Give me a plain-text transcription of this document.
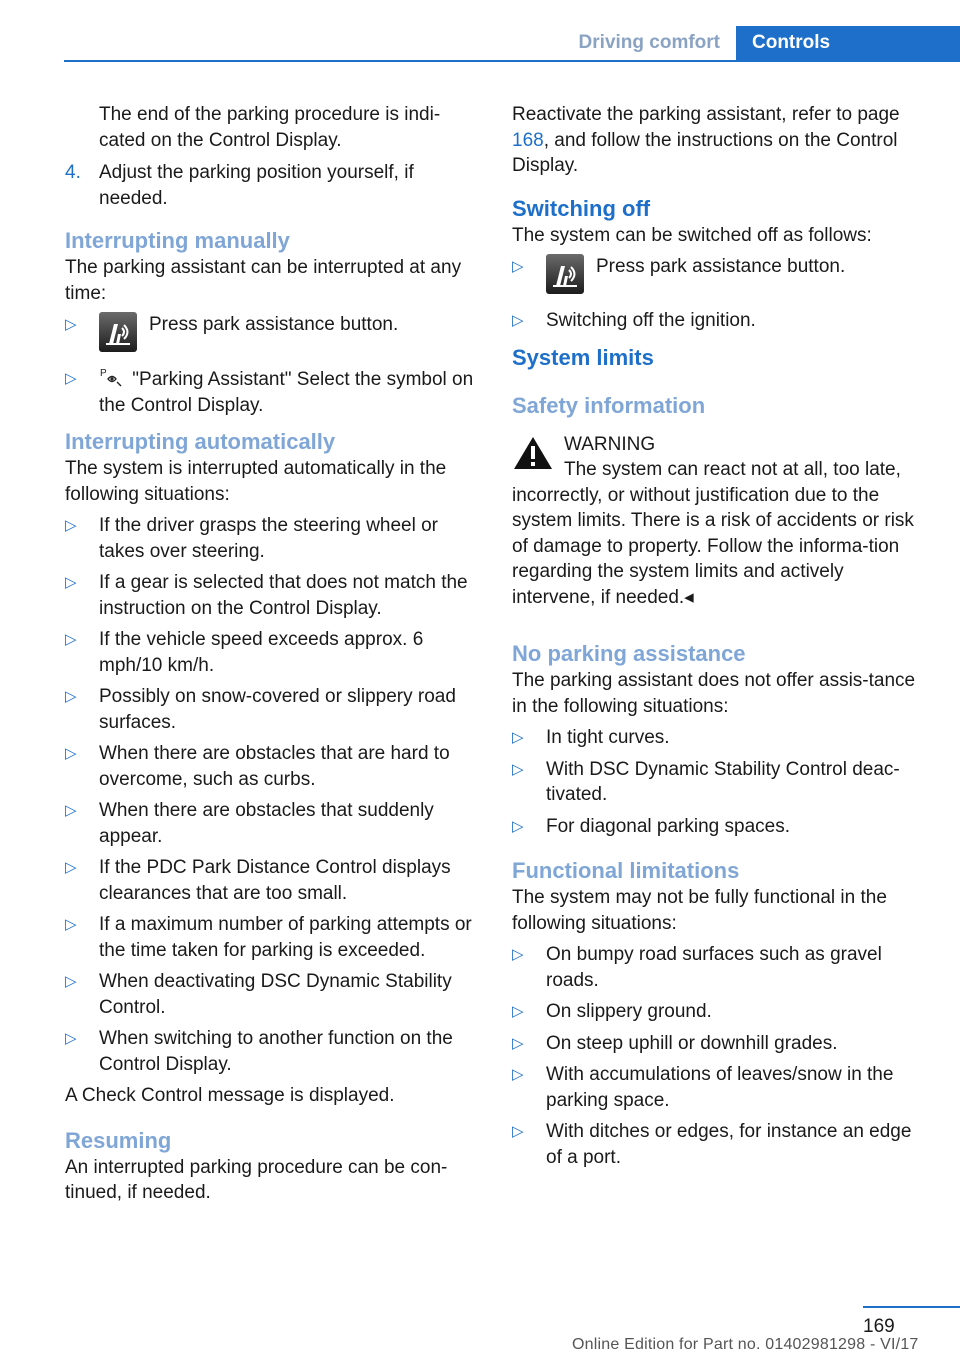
Driving comfort	Controls
The end of the parking procedure is indi-cated on the Control Display.
4. Adjust the parking position yourself, if needed.
Interrupting manually
The parking assistant can be interrupted at any time:
▷	Press park assistance button.
▷ P "Parking Assistant" Select the symbol on the Control Display.
Interrupting automatically
The system is interrupted automatically in the following situations:
▷ If the driver grasps the steering wheel or takes over steering.
▷ If a gear is selected that does not match the instruction on the Control Display.
▷ If the vehicle speed exceeds approx. 6 mph/10 km/h.
▷ Possibly on snow-covered or slippery road surfaces.
▷ When there are obstacles that are hard to overcome, such as curbs.
▷ When there are obstacles that suddenly appear.
▷ If the PDC Park Distance Control displays clearances that are too small.
▷ If a maximum number of parking attempts or the time taken for parking is exceeded.
▷ When deactivating DSC Dynamic Stability Control.
▷ When switching to another function on the Control Display.
A Check Control message is displayed.
Resuming
An interrupted parking procedure can be con-tinued, if needed.
Reactivate the parking assistant, refer to page 168, and follow the instructions on the Control Display.
Switching off
The system can be switched off as follows:
▷	Press park assistance button.
▷ Switching off the ignition.
System limits
Safety information
WARNING
The system can react not at all, too late, incorrectly, or without justification due to the system limits. There is a risk of accidents or risk of damage to property. Follow the informa-tion regarding the system limits and actively intervene, if needed.◂
No parking assistance
The parking assistant does not offer assis-tance in the following situations:
▷ In tight curves.
▷ With DSC Dynamic Stability Control deac-tivated.
▷ For diagonal parking spaces.
Functional limitations
The system may not be fully functional in the following situations:
▷ On bumpy road surfaces such as gravel roads.
▷ On slippery ground.
▷ On steep uphill or downhill grades.
▷ With accumulations of leaves/snow in the parking space.
▷ With ditches or edges, for instance an edge of a port.
169
Online Edition for Part no. 01402981298 - VI/17
